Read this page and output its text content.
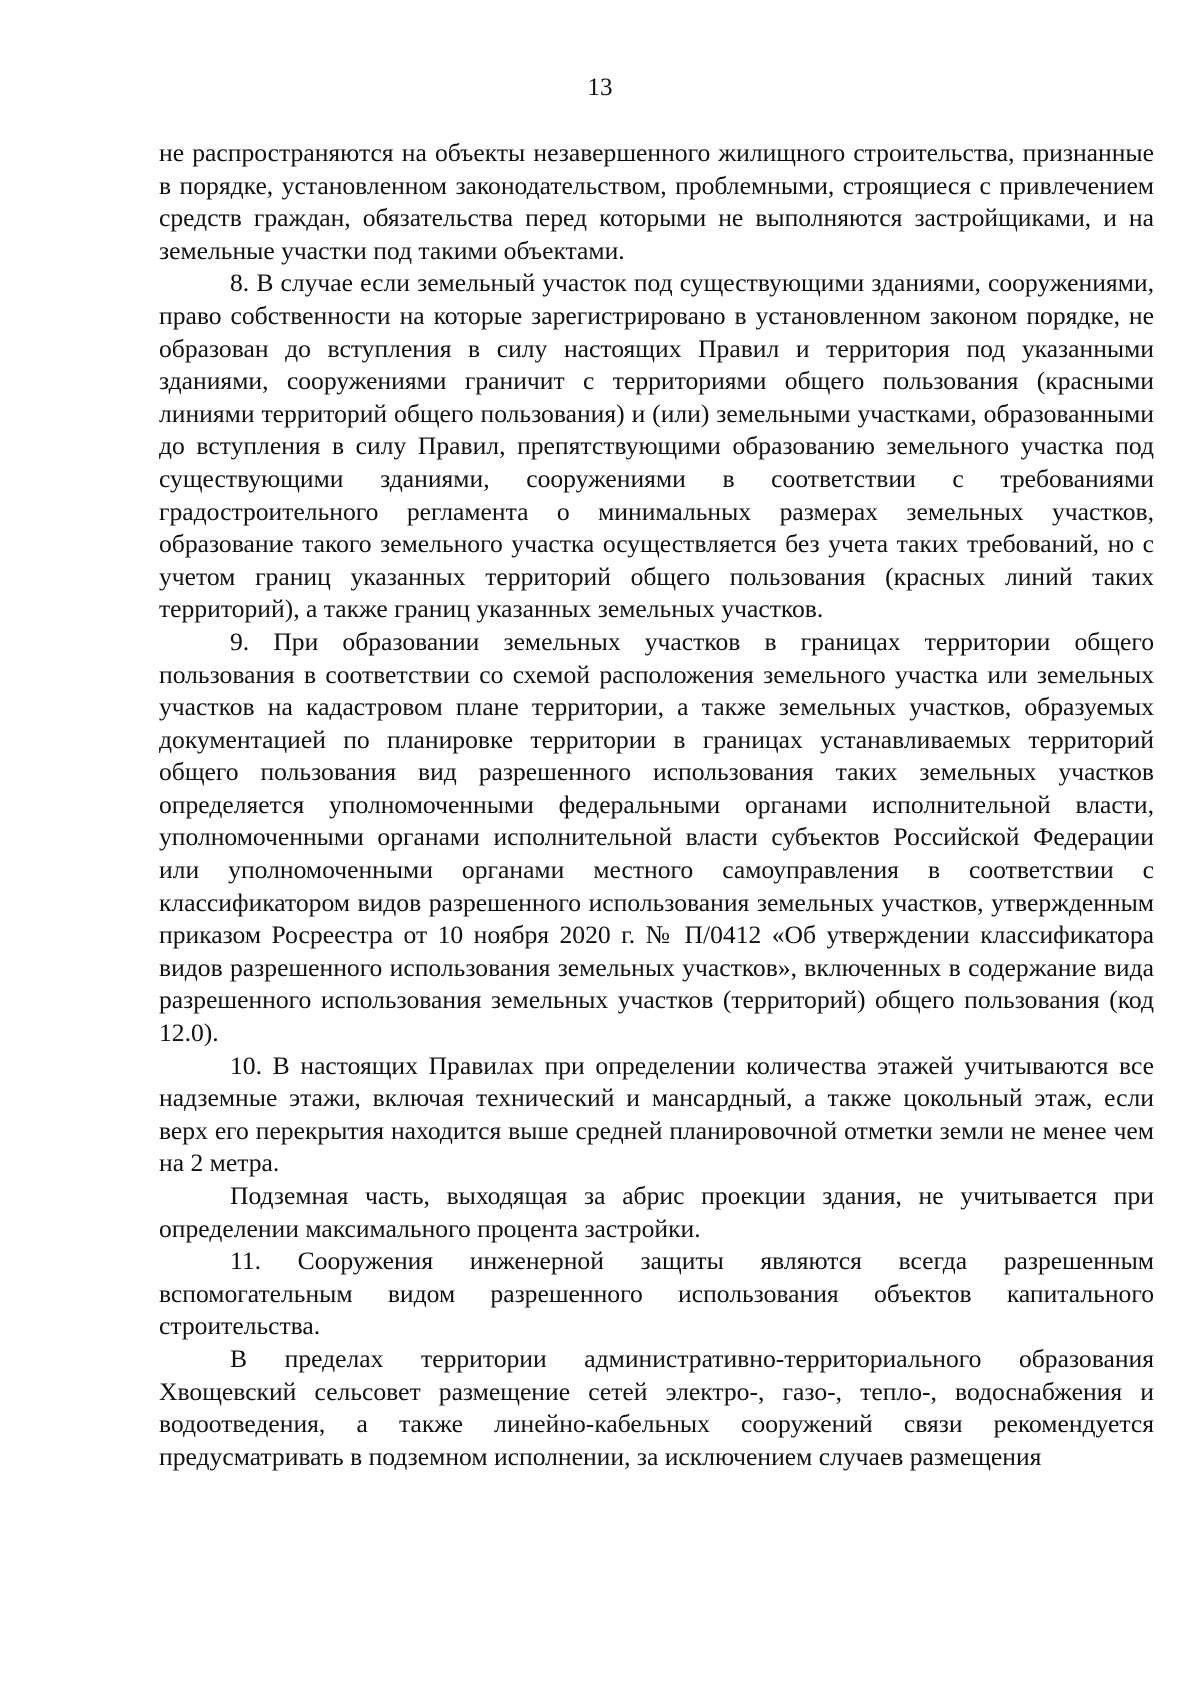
13

не распространяются на объекты незавершенного жилищного строительства, признанные в порядке, установленном законодательством, проблемными, строящиеся с привлечением средств граждан, обязательства перед которыми не выполняются застройщиками, и на земельные участки под такими объектами.

8. В случае если земельный участок под существующими зданиями, сооружениями, право собственности на которые зарегистрировано в установленном законом порядке, не образован до вступления в силу настоящих Правил и территория под указанными зданиями, сооружениями граничит с территориями общего пользования (красными линиями территорий общего пользования) и (или) земельными участками, образованными до вступления в силу Правил, препятствующими образованию земельного участка под существующими зданиями, сооружениями в соответствии с требованиями градостроительного регламента о минимальных размерах земельных участков, образование такого земельного участка осуществляется без учета таких требований, но с учетом границ указанных территорий общего пользования (красных линий таких территорий), а также границ указанных земельных участков.

9. При образовании земельных участков в границах территории общего пользования в соответствии со схемой расположения земельного участка или земельных участков на кадастровом плане территории, а также земельных участков, образуемых документацией по планировке территории в границах устанавливаемых территорий общего пользования вид разрешенного использования таких земельных участков определяется уполномоченными федеральными органами исполнительной власти, уполномоченными органами исполнительной власти субъектов Российской Федерации или уполномоченными органами местного самоуправления в соответствии с классификатором видов разрешенного использования земельных участков, утвержденным приказом Росреестра от 10 ноября 2020 г. № П/0412 «Об утверждении классификатора видов разрешенного использования земельных участков», включенных в содержание вида разрешенного использования земельных участков (территорий) общего пользования (код 12.0).

10. В настоящих Правилах при определении количества этажей учитываются все надземные этажи, включая технический и мансардный, а также цокольный этаж, если верх его перекрытия находится выше средней планировочной отметки земли не менее чем на 2 метра.

Подземная часть, выходящая за абрис проекции здания, не учитывается при определении максимального процента застройки.

11. Сооружения инженерной защиты являются всегда разрешенным вспомогательным видом разрешенного использования объектов капитального строительства.

В пределах территории административно-территориального образования Хвощевский сельсовет размещение сетей электро-, газо-, тепло-, водоснабжения и водоотведения, а также линейно-кабельных сооружений связи рекомендуется предусматривать в подземном исполнении, за исключением случаев размещения
